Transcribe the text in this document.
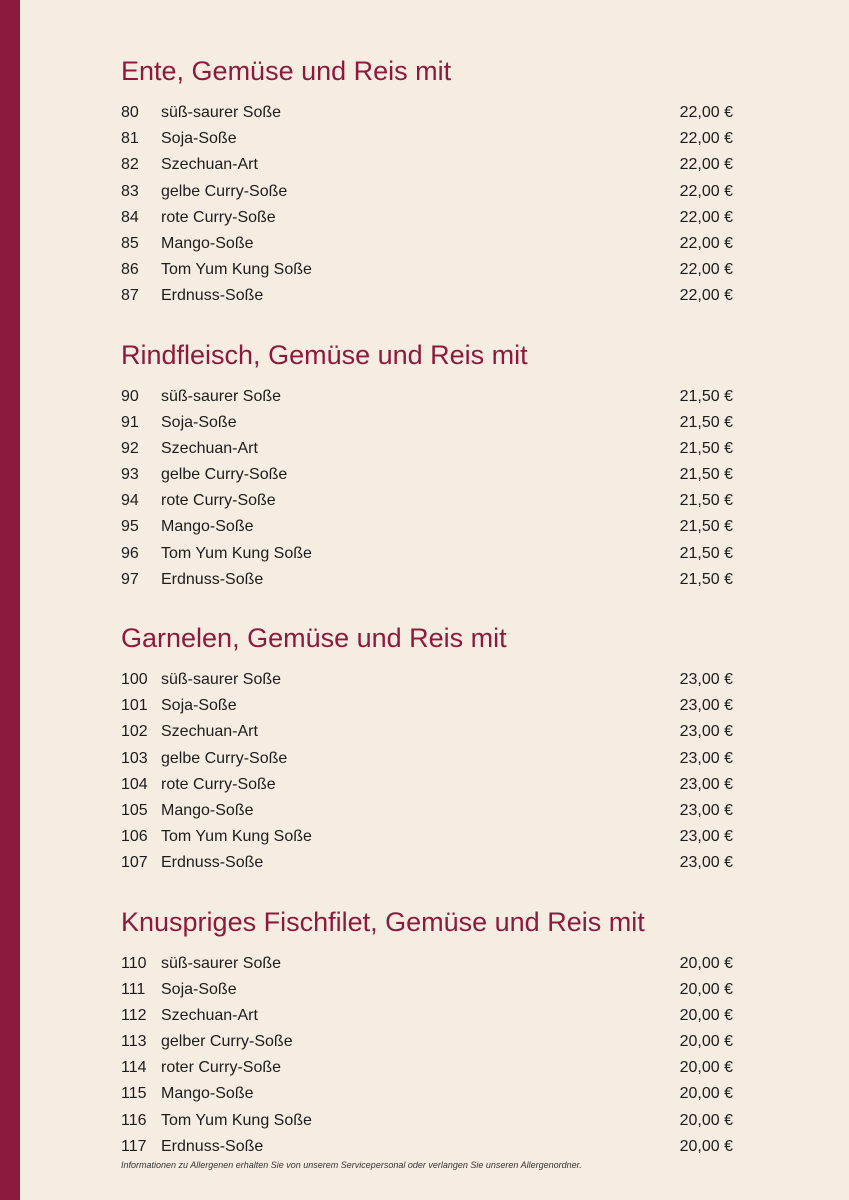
Ente, Gemüse und Reis mit
80	süß-saurer Soße	22,00 €
81	Soja-Soße	22,00 €
82	Szechuan-Art	22,00 €
83	gelbe Curry-Soße	22,00 €
84	rote Curry-Soße	22,00 €
85	Mango-Soße	22,00 €
86	Tom Yum Kung Soße	22,00 €
87	Erdnuss-Soße	22,00 €
Rindfleisch, Gemüse und Reis mit
90	süß-saurer Soße	21,50 €
91	Soja-Soße	21,50 €
92	Szechuan-Art	21,50 €
93	gelbe Curry-Soße	21,50 €
94	rote Curry-Soße	21,50 €
95	Mango-Soße	21,50 €
96	Tom Yum Kung Soße	21,50 €
97	Erdnuss-Soße	21,50 €
Garnelen, Gemüse und Reis mit
100 süß-saurer Soße	23,00 €
101 Soja-Soße	23,00 €
102 Szechuan-Art	23,00 €
103 gelbe Curry-Soße	23,00 €
104 rote Curry-Soße	23,00 €
105 Mango-Soße	23,00 €
106 Tom Yum Kung Soße	23,00 €
107 Erdnuss-Soße	23,00 €
Knuspriges Fischfilet, Gemüse und Reis mit
110 süß-saurer Soße	20,00 €
111 Soja-Soße	20,00 €
112 Szechuan-Art	20,00 €
113 gelber Curry-Soße	20,00 €
114 roter Curry-Soße	20,00 €
115 Mango-Soße	20,00 €
116 Tom Yum Kung Soße	20,00 €
117 Erdnuss-Soße	20,00 €
Informationen zu Allergenen erhalten Sie von unserem Servicepersonal oder verlangen Sie unseren Allergenordner.
